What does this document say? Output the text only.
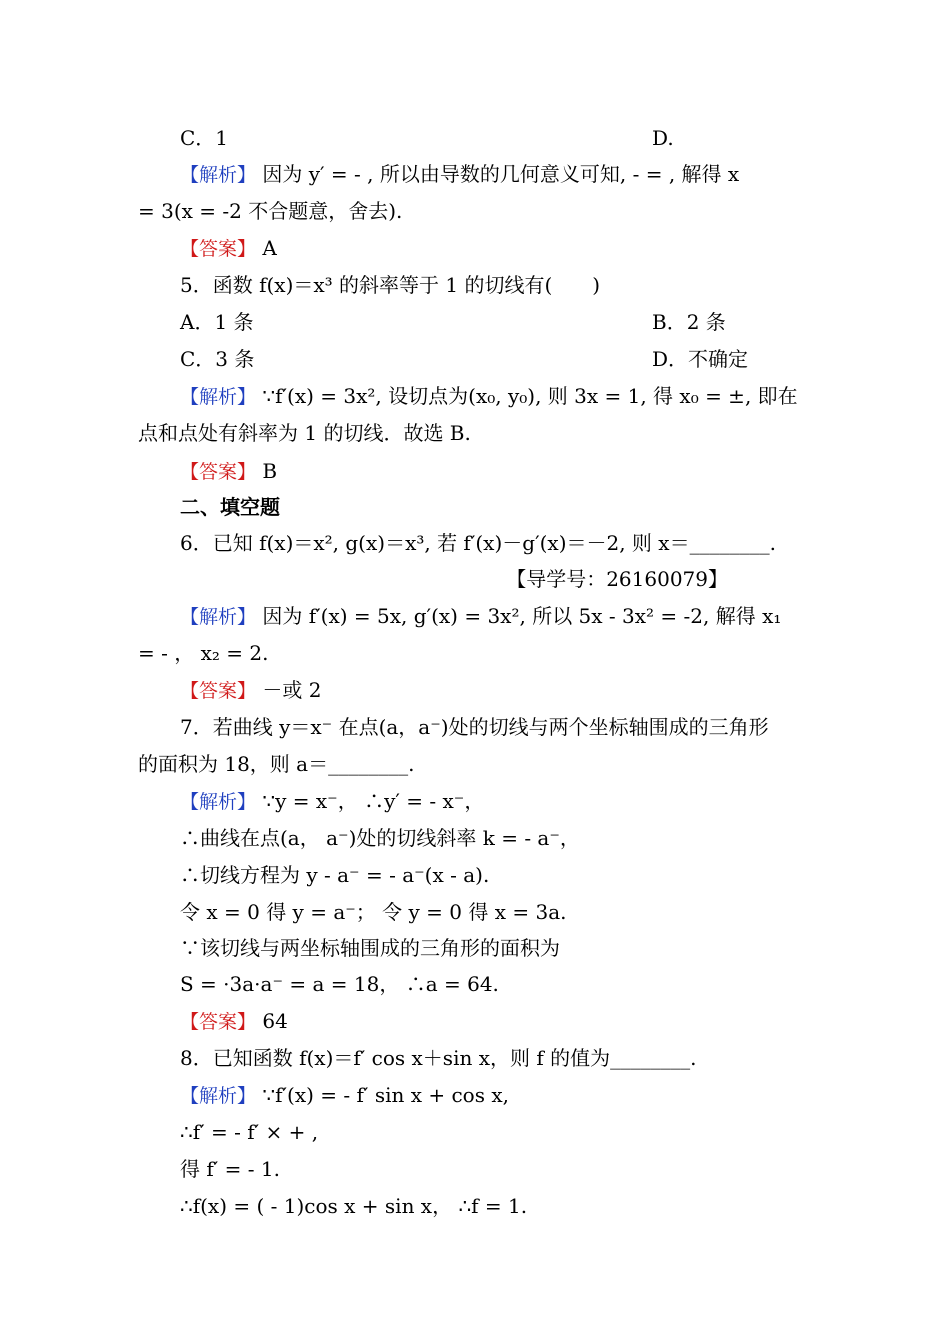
C．1	D.
【解析】 因为 y′ = - , 所以由导数的几何意义可知, - = , 解得 x
= 3(x = -2 不合题意，舍去).
【答案】 A
5．函数 f(x)＝x³ 的斜率等于 1 的切线有(　　)
A．1 条	B．2 条
C．3 条	D．不确定
【解析】 ∵f′(x) = 3x², 设切点为(x₀, y₀), 则 3x = 1, 得 x₀ = ±, 即在
点和点处有斜率为 1 的切线．故选 B.
【答案】 B
二、填空题
6．已知 f(x)＝x², g(x)＝x³, 若 f′(x)－g′(x)＝－2, 则 x＝________.
【导学号：26160079】
【解析】 因为 f′(x) = 5x, g′(x) = 3x², 所以 5x - 3x² = -2, 解得 x₁
= - ， x₂ = 2.
【答案】 －或 2
7．若曲线 y＝x⁻ 在点(a，a⁻)处的切线与两个坐标轴围成的三角形
的面积为 18，则 a＝________.
【解析】 ∵y = x⁻， ∴y′ = - x⁻，
∴曲线在点(a， a⁻)处的切线斜率 k = - a⁻，
∴切线方程为 y - a⁻ = - a⁻(x - a).
令 x = 0 得 y = a⁻； 令 y = 0 得 x = 3a.
∵该切线与两坐标轴围成的三角形的面积为
S = ·3a·a⁻ = a = 18， ∴a = 64.
【答案】 64
8．已知函数 f(x)＝f′ cos x＋sin x，则 f 的值为________.
【解析】 ∵f′(x) = - f′ sin x + cos x,
∴f′ = - f′ × + ,
得 f′ = - 1.
∴f(x) = ( - 1)cos x + sin x， ∴f = 1.
